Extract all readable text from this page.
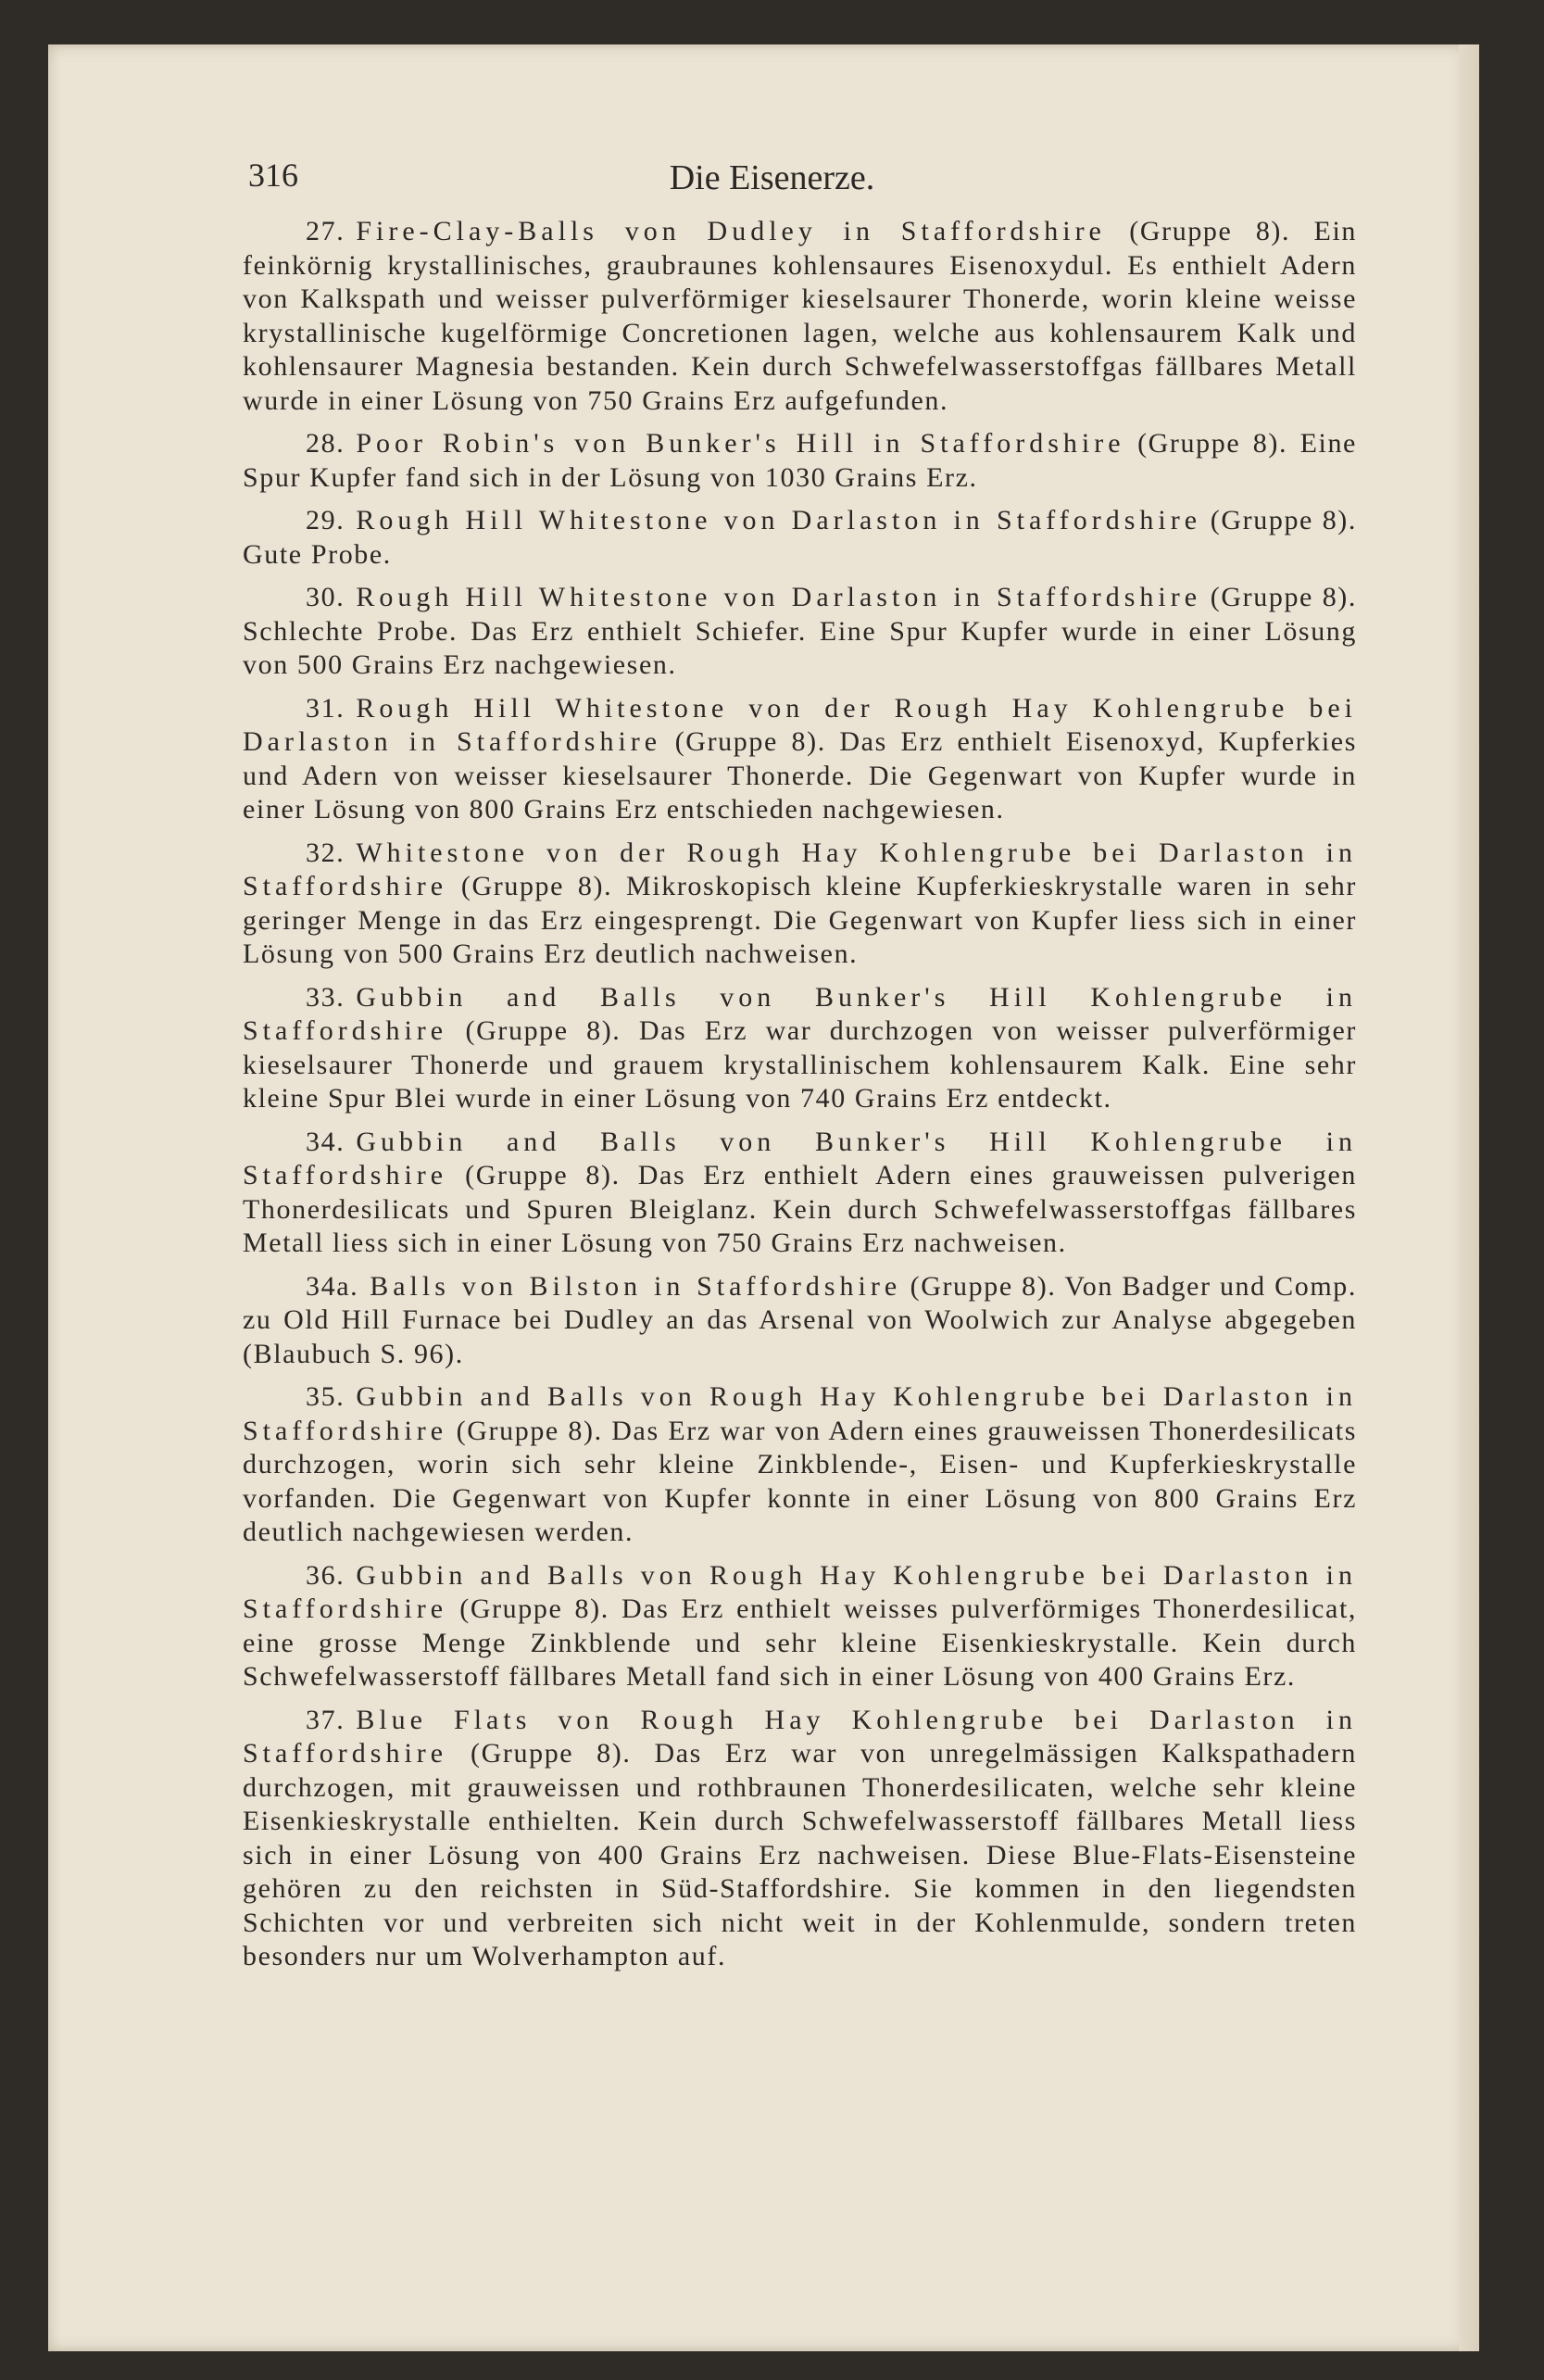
316	Die Eisenerze.

27. Fire-Clay-Balls von Dudley in Staffordshire (Gruppe 8). Ein feinkörnig krystallinisches, graubraunes kohlensaures Eisenoxydul. Es enthielt Adern von Kalkspath und weisser pulverförmiger kieselsaurer Thonerde, worin kleine weisse krystallinische kugelförmige Concretionen lagen, welche aus kohlensaurem Kalk und kohlensaurer Magnesia bestanden. Kein durch Schwefelwasserstoffgas fällbares Metall wurde in einer Lösung von 750 Grains Erz aufgefunden.

28. Poor Robin's von Bunker's Hill in Staffordshire (Gruppe 8). Eine Spur Kupfer fand sich in der Lösung von 1030 Grains Erz.

29. Rough Hill Whitestone von Darlaston in Staffordshire (Gruppe 8). Gute Probe.

30. Rough Hill Whitestone von Darlaston in Staffordshire (Gruppe 8). Schlechte Probe. Das Erz enthielt Schiefer. Eine Spur Kupfer wurde in einer Lösung von 500 Grains Erz nachgewiesen.

31. Rough Hill Whitestone von der Rough Hay Kohlengrube bei Darlaston in Staffordshire (Gruppe 8). Das Erz enthielt Eisenoxyd, Kupferkies und Adern von weisser kieselsaurer Thonerde. Die Gegenwart von Kupfer wurde in einer Lösung von 800 Grains Erz entschieden nachgewiesen.

32. Whitestone von der Rough Hay Kohlengrube bei Darlaston in Staffordshire (Gruppe 8). Mikroskopisch kleine Kupferkieskrystalle waren in sehr geringer Menge in das Erz eingesprengt. Die Gegenwart von Kupfer liess sich in einer Lösung von 500 Grains Erz deutlich nachweisen.

33. Gubbin and Balls von Bunker's Hill Kohlengrube in Staffordshire (Gruppe 8). Das Erz war durchzogen von weisser pulverförmiger kieselsaurer Thonerde und grauem krystallinischem kohlensaurem Kalk. Eine sehr kleine Spur Blei wurde in einer Lösung von 740 Grains Erz entdeckt.

34. Gubbin and Balls von Bunker's Hill Kohlengrube in Staffordshire (Gruppe 8). Das Erz enthielt Adern eines grauweissen pulverigen Thonerdesilicats und Spuren Bleiglanz. Kein durch Schwefelwasserstoffgas fällbares Metall liess sich in einer Lösung von 750 Grains Erz nachweisen.

34a. Balls von Bilston in Staffordshire (Gruppe 8). Von Badger und Comp. zu Old Hill Furnace bei Dudley an das Arsenal von Woolwich zur Analyse abgegeben (Blaubuch S. 96).

35. Gubbin and Balls von Rough Hay Kohlengrube bei Darlaston in Staffordshire (Gruppe 8). Das Erz war von Adern eines grauweissen Thonerdesilicats durchzogen, worin sich sehr kleine Zinkblende-, Eisen- und Kupferkieskrystalle vorfanden. Die Gegenwart von Kupfer konnte in einer Lösung von 800 Grains Erz deutlich nachgewiesen werden.

36. Gubbin and Balls von Rough Hay Kohlengrube bei Darlaston in Staffordshire (Gruppe 8). Das Erz enthielt weisses pulverförmiges Thonerdesilicat, eine grosse Menge Zinkblende und sehr kleine Eisenkieskrystalle. Kein durch Schwefelwasserstoff fällbares Metall fand sich in einer Lösung von 400 Grains Erz.

37. Blue Flats von Rough Hay Kohlengrube bei Darlaston in Staffordshire (Gruppe 8). Das Erz war von unregelmässigen Kalkspathadern durchzogen, mit grauweissen und rothbraunen Thonerdesilicaten, welche sehr kleine Eisenkieskrystalle enthielten. Kein durch Schwefelwasserstoff fällbares Metall liess sich in einer Lösung von 400 Grains Erz nachweisen. Diese Blue-Flats-Eisensteine gehören zu den reichsten in Süd-Staffordshire. Sie kommen in den liegendsten Schichten vor und verbreiten sich nicht weit in der Kohlenmulde, sondern treten besonders nur um Wolverhampton auf.
